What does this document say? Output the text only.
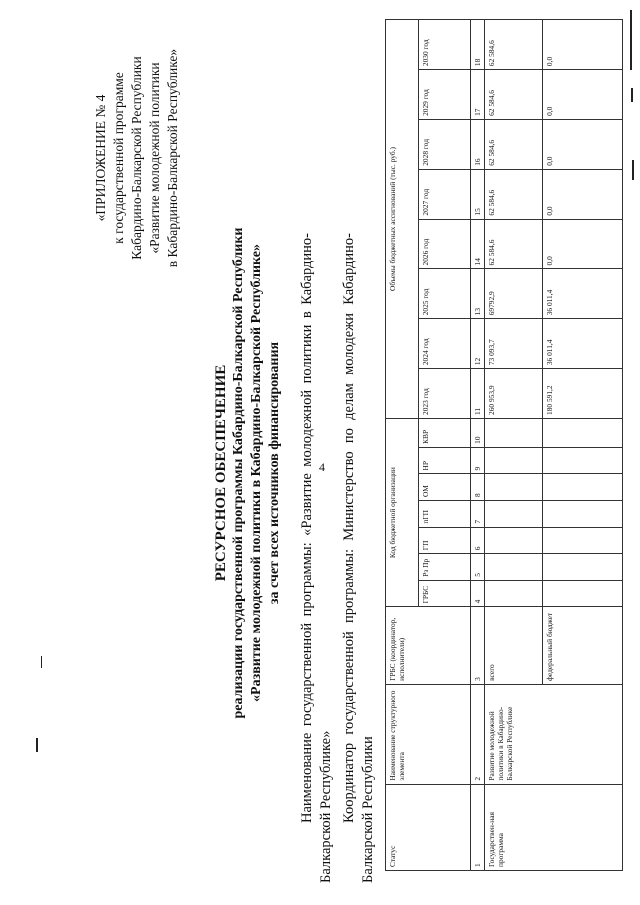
4
«ПРИЛОЖЕНИЕ № 4 к государственной программе Кабардино-Балкарской Республики «Развитие молодежной политики в Кабардино-Балкарской Республике»
РЕСУРСНОЕ ОБЕСПЕЧЕНИЕ реализации государственной программы Кабардино-Балкарской Республики «Развитие молодежной политики в Кабардино-Балкарской Республике» за счет всех источников финансирования Наименование государственной программы: «Развитие молодежной политики в Кабардино-Балкарской Республике» Координатор государственной программы: Министерство по делам молодежи Кабардино-Балкарской Республики Статус	Наименование структурного элемента	ГРБС (координатор, исполнители)	Код бюджетной организации							Объемы бюджетных ассигнований (тыс. руб.)							
			ГРБС	Рз Пр	ГП	пГП	ОМ	НР	КВР	2023 год	2024 год	2025 год	2026 год	2027 год	2028 год	2029 год	2030 год
1	2	3	4	5	6	7	8	9	10	11	12	13	14	15	16	17	18
Государствен-ная программа	Развитие молодежной политики в Кабардино-Балкарской Республике	всего								260 953,9	73 093,7	69792,9	62 584,6	62 584,6	62 584,6	62 584,6	62 584,6
		федеральный бюджет								180 591,2	36 011,4	36 011,4	0,0	0,0	0,0	0,0	0,0
